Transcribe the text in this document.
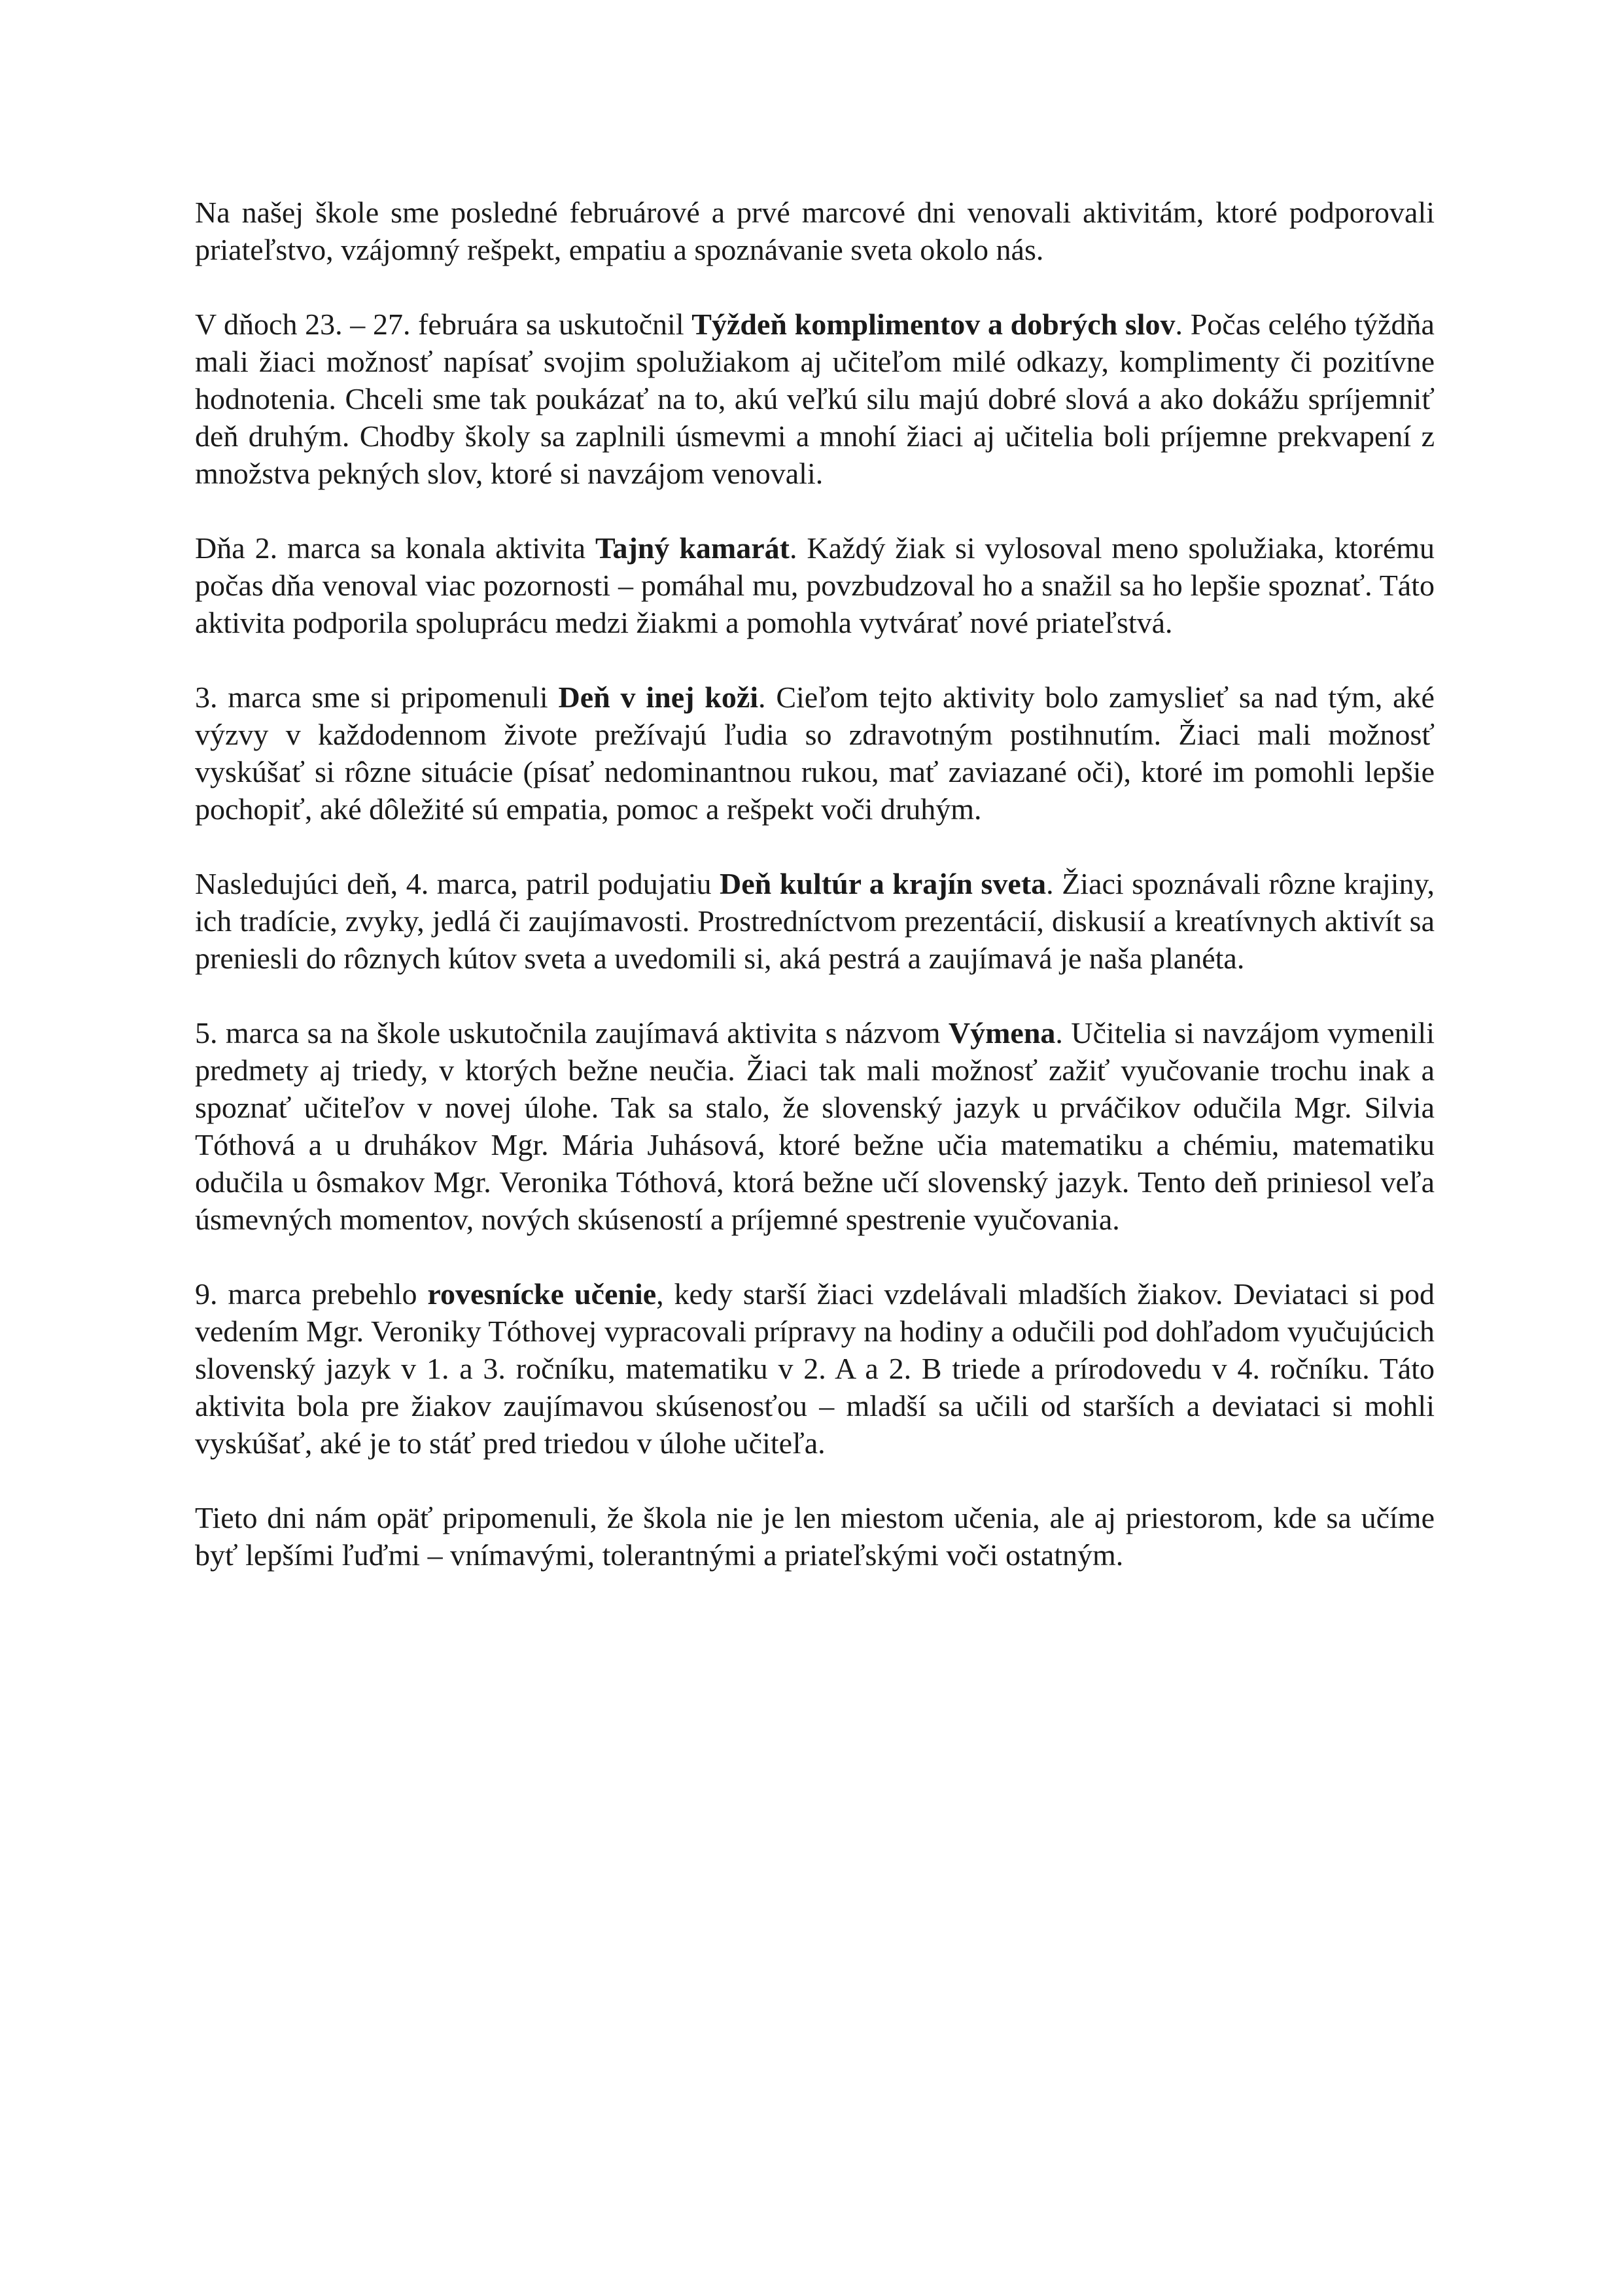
Na našej škole sme posledné februárové a prvé marcové dni venovali aktivitám, ktoré podporovali priateľstvo, vzájomný rešpekt, empatiu a spoznávanie sveta okolo nás.

V dňoch 23. – 27. februára sa uskutočnil Týždeň komplimentov a dobrých slov. Počas celého týždňa mali žiaci možnosť napísať svojim spolužiakom aj učiteľom milé odkazy, komplimenty či pozitívne hodnotenia. Chceli sme tak poukázať na to, akú veľkú silu majú dobré slová a ako dokážu spríjemniť deň druhým. Chodby školy sa zaplnili úsmevmi a mnohí žiaci aj učitelia boli príjemne prekvapení z množstva pekných slov, ktoré si navzájom venovali.

Dňa 2. marca sa konala aktivita Tajný kamarát. Každý žiak si vylosoval meno spolužiaka, ktorému počas dňa venoval viac pozornosti – pomáhal mu, povzbudzoval ho a snažil sa ho lepšie spoznať. Táto aktivita podporila spoluprácu medzi žiakmi a pomohla vytvárať nové priateľstvá.

3. marca sme si pripomenuli Deň v inej koži. Cieľom tejto aktivity bolo zamyslieť sa nad tým, aké výzvy v každodennom živote prežívajú ľudia so zdravotným postihnutím. Žiaci mali možnosť vyskúšať si rôzne situácie (písať nedominantnou rukou, mať zaviazané oči), ktoré im pomohli lepšie pochopiť, aké dôležité sú empatia, pomoc a rešpekt voči druhým.

Nasledujúci deň, 4. marca, patril podujatiu Deň kultúr a krajín sveta. Žiaci spoznávali rôzne krajiny, ich tradície, zvyky, jedlá či zaujímavosti. Prostredníctvom prezentácií, diskusií a kreatívnych aktivít sa preniesli do rôznych kútov sveta a uvedomili si, aká pestrá a zaujímavá je naša planéta.

5. marca sa na škole uskutočnila zaujímavá aktivita s názvom Výmena. Učitelia si navzájom vymenili predmety aj triedy, v ktorých bežne neučia. Žiaci tak mali možnosť zažiť vyučovanie trochu inak a spoznať učiteľov v novej úlohe. Tak sa stalo, že slovenský jazyk u prváčikov odučila Mgr. Silvia Tóthová a u druhákov Mgr. Mária Juhásová, ktoré bežne učia matematiku a chémiu, matematiku odučila u ôsmakov Mgr. Veronika Tóthová, ktorá bežne učí slovenský jazyk. Tento deň priniesol veľa úsmevných momentov, nových skúseností a príjemné spestrenie vyučovania.

9. marca prebehlo rovesnícke učenie, kedy starší žiaci vzdelávali mladších žiakov. Deviataci si pod vedením Mgr. Veroniky Tóthovej vypracovali prípravy na hodiny a odučili pod dohľadom vyučujúcich slovenský jazyk v 1. a 3. ročníku, matematiku v 2. A a 2. B triede a prírodovedu v 4. ročníku. Táto aktivita bola pre žiakov zaujímavou skúsenosťou – mladší sa učili od starších a deviataci si mohli vyskúšať, aké je to stáť pred triedou v úlohe učiteľa.

Tieto dni nám opäť pripomenuli, že škola nie je len miestom učenia, ale aj priestorom, kde sa učíme byť lepšími ľuďmi – vnímavými, tolerantnými a priateľskými voči ostatným.
